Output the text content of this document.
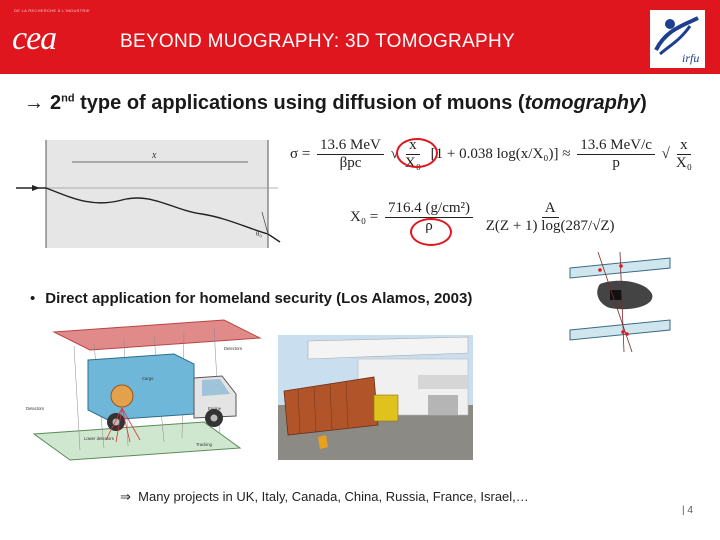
DE LA RECHERCHE À L'INDUSTRIE
cea	BEYOND MUOGRAPHY: 3D TOMOGRAPHY
irfu
→ 2nd type of applications using diffusion of muons (tomography)
x
θ₀
$\sigma = \frac{\text{13.6 MeV}}{\text{βpc}}$ √ $\frac{x}{\text{X₀}} [1 + 0.038$ $\log(x/X_0)] \approx \frac{\text{13.6 MeV/c}}{p}$ √ $\frac{x}{\text{X₀}}$
$X_0 = \frac{\text{716.4 (g/cm²)}}{\rho}$
$\frac{A}{Z(Z + 1) \log(287/√Z)}$
• Direct application for homeland security (Los Alamos, 2003)
Detectors
Detectors
Cargo
Engine
Lower detectors
Tracking
⇒ Many projects in UK, Italy, Canada, China, Russia, France, Israel,…
| 4
